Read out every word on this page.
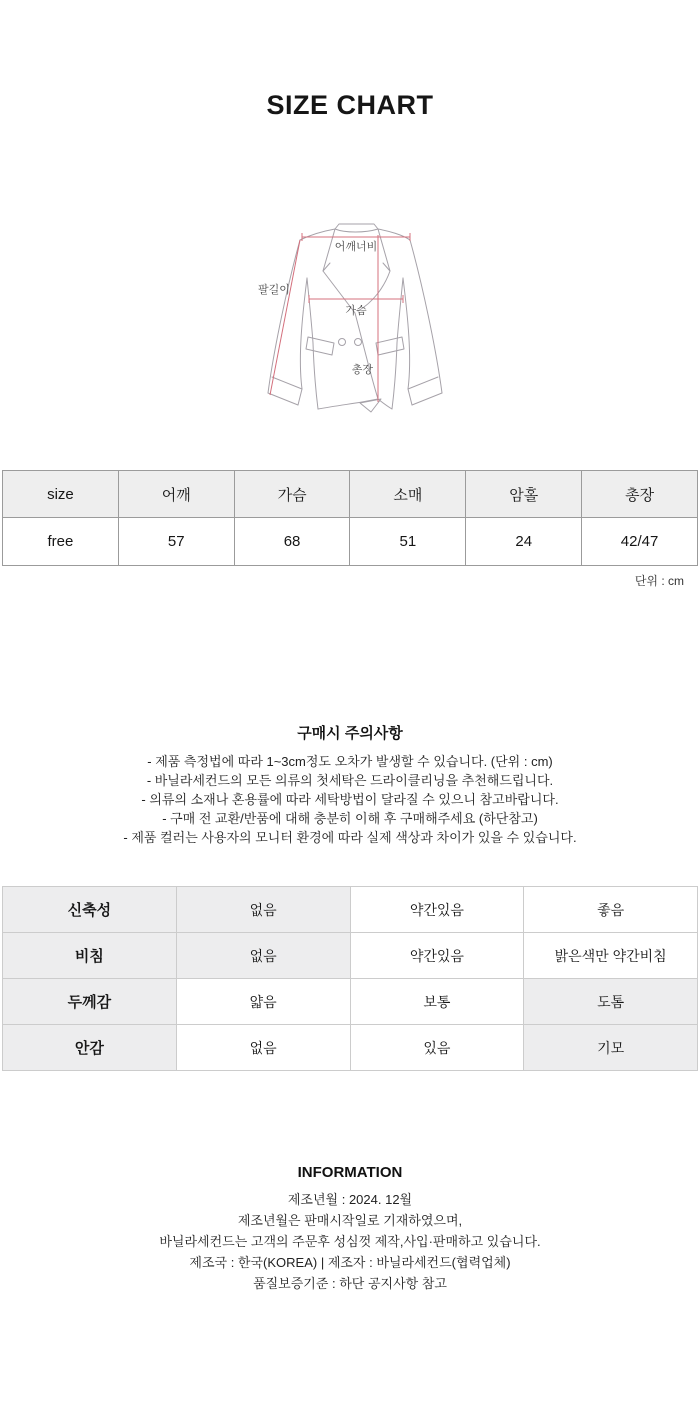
SIZE CHART
어깨너비
팔길이
가슴
총장
size	어깨	가슴	소매	암홀	총장
free	57	68	51	24	42/47
단위 : cm
구매시 주의사항

- 제품 측정법에 따라 1~3cm정도 오차가 발생할 수 있습니다. (단위 : cm)

- 바닐라세컨드의 모든 의류의 첫세탁은 드라이클리닝을 추천해드립니다.

- 의류의 소재나 혼용률에 따라 세탁방법이 달라질 수 있으니 참고바랍니다.

- 구매 전 교환/반품에 대해 충분히 이해 후 구매해주세요 (하단참고)

- 제품 컬러는 사용자의 모니터 환경에 따라 실제 색상과 차이가 있을 수 있습니다.

신축성	없음	약간있음	좋음
비침	없음	약간있음	밝은색만 약간비침
두께감	얇음	보통	도톰
안감	없음	있음	기모
INFORMATION

제조년월 : 2024. 12월

제조년월은 판매시작일로 기재하였으며,

바닐라세컨드는 고객의 주문후 성심껏 제작,사입·판매하고 있습니다.

제조국 : 한국(KOREA) | 제조자 : 바닐라세컨드(협력업체)

품질보증기준 : 하단 공지사항 참고
